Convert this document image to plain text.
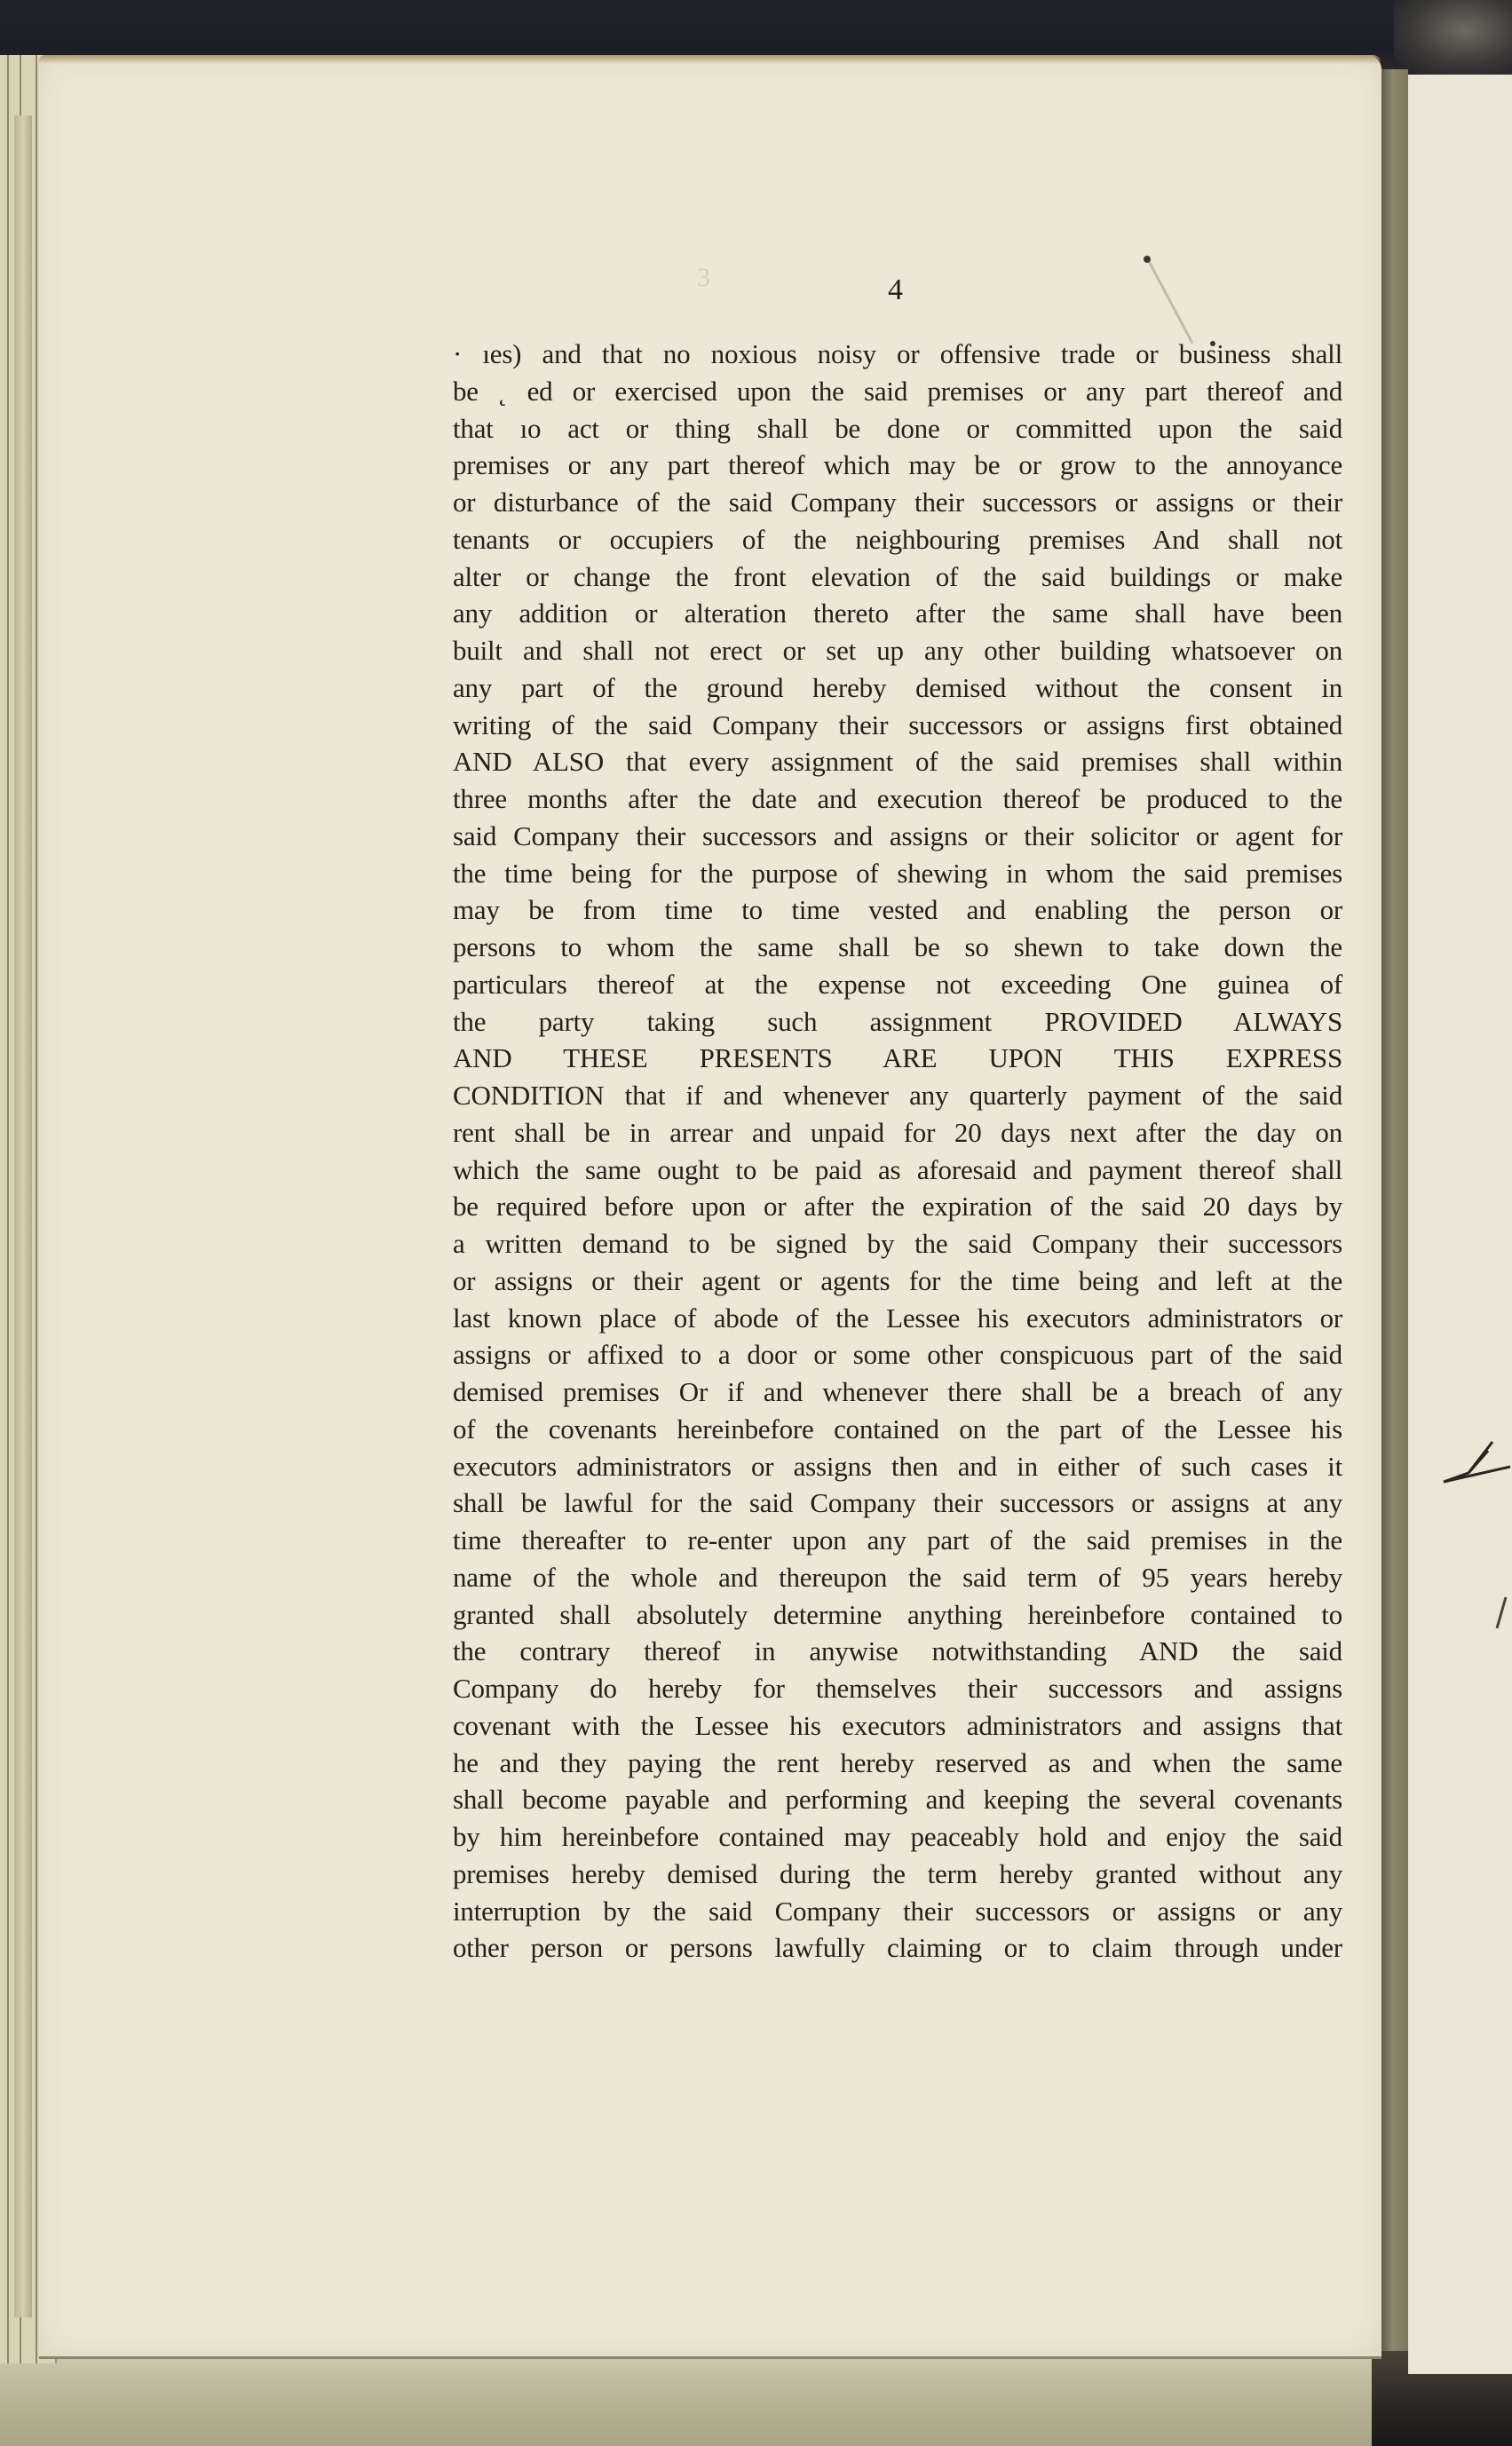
3	4
· ıes) and that no noxious noisy or offensive trade or business shall
be ˛ ed or exercised upon the said premises or any part thereof and
that ıo act or thing shall be done or committed upon the said
premises or any part thereof which may be or grow to the annoyance
or disturbance of the said Company their successors or assigns or their
tenants or occupiers of the neighbouring premises And shall not
alter or change the front elevation of the said buildings or make
any addition or alteration thereto after the same shall have been
built and shall not erect or set up any other building whatsoever on
any part of the ground hereby demised without the consent in
writing of the said Company their successors or assigns first obtained
AND ALSO that every assignment of the said premises shall within
three months after the date and execution thereof be produced to the
said Company their successors and assigns or their solicitor or agent for
the time being for the purpose of shewing in whom the said premises
may be from time to time vested and enabling the person or
persons to whom the same shall be so shewn to take down the
particulars thereof at the expense not exceeding One guinea of
the party taking such assignment PROVIDED ALWAYS
AND THESE PRESENTS ARE UPON THIS EXPRESS
CONDITION that if and whenever any quarterly payment of the said
rent shall be in arrear and unpaid for 20 days next after the day on
which the same ought to be paid as aforesaid and payment thereof shall
be required before upon or after the expiration of the said 20 days by
a written demand to be signed by the said Company their successors
or assigns or their agent or agents for the time being and left at the
last known place of abode of the Lessee his executors administrators or
assigns or affixed to a door or some other conspicuous part of the said
demised premises Or if and whenever there shall be a breach of any
of the covenants hereinbefore contained on the part of the Lessee his
executors administrators or assigns then and in either of such cases it
shall be lawful for the said Company their successors or assigns at any
time thereafter to re-enter upon any part of the said premises in the
name of the whole and thereupon the said term of 95 years hereby
granted shall absolutely determine anything hereinbefore contained to
the contrary thereof in anywise notwithstanding AND the said
Company do hereby for themselves their successors and assigns
covenant with the Lessee his executors administrators and assigns that
he and they paying the rent hereby reserved as and when the same
shall become payable and performing and keeping the several covenants
by him hereinbefore contained may peaceably hold and enjoy the said
premises hereby demised during the term hereby granted without any
interruption by the said Company their successors or assigns or any
other person or persons lawfully claiming or to claim through under
